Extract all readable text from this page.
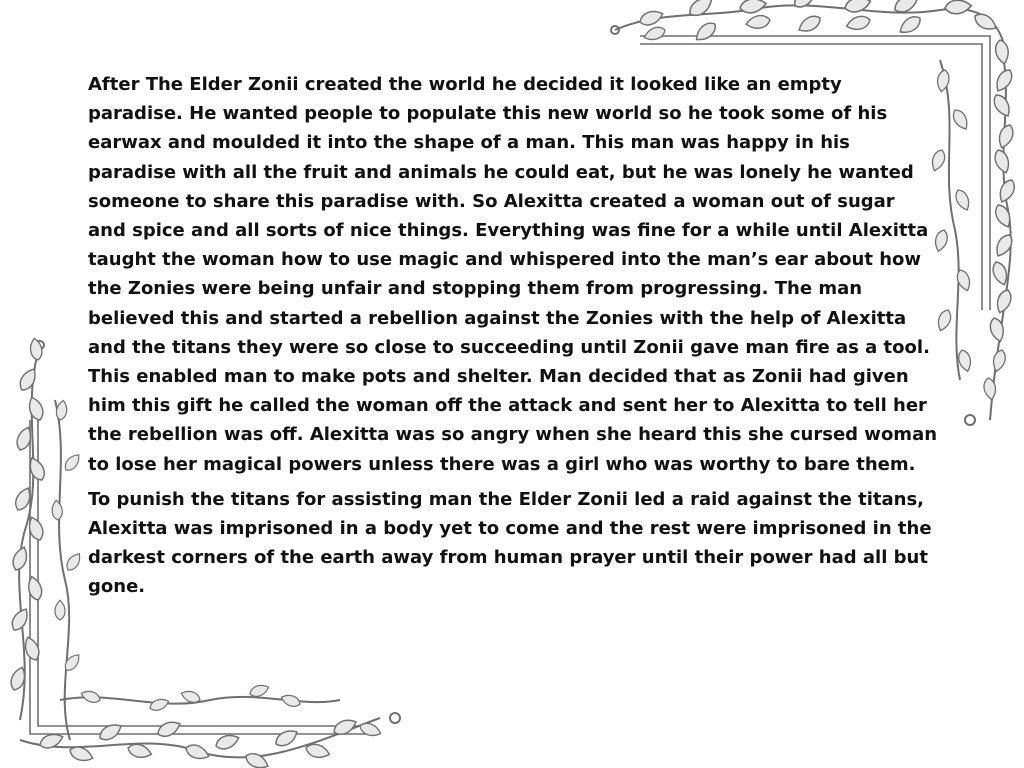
After The Elder Zonii created the world he decided it looked like an empty paradise. He wanted people to populate this new world so he took some of his earwax and moulded it into the shape of a man. This man was happy in his paradise with all the fruit and animals he could eat, but he was lonely he wanted someone to share this paradise with. So Alexitta created a woman out of sugar and spice and all sorts of nice things. Everything was fine for a while until Alexitta taught the woman how to use magic and whispered into the man’s ear about how the Zonies were being unfair and stopping them from progressing. The man believed this and started a rebellion against the Zonies with the help of Alexitta and the titans they were so close to succeeding until Zonii gave man fire as a tool. This enabled man to make pots and shelter. Man decided that as Zonii had given him this gift he called the woman off the attack and sent her to Alexitta to tell her the rebellion was off. Alexitta was so angry when she heard this she cursed woman to lose her magical powers unless there was a girl who was worthy to bare them.

To punish the titans for assisting man the Elder Zonii led a raid against the titans, Alexitta was imprisoned in a body yet to come and the rest were imprisoned in the darkest corners of the earth away from human prayer until their power had all but gone.
